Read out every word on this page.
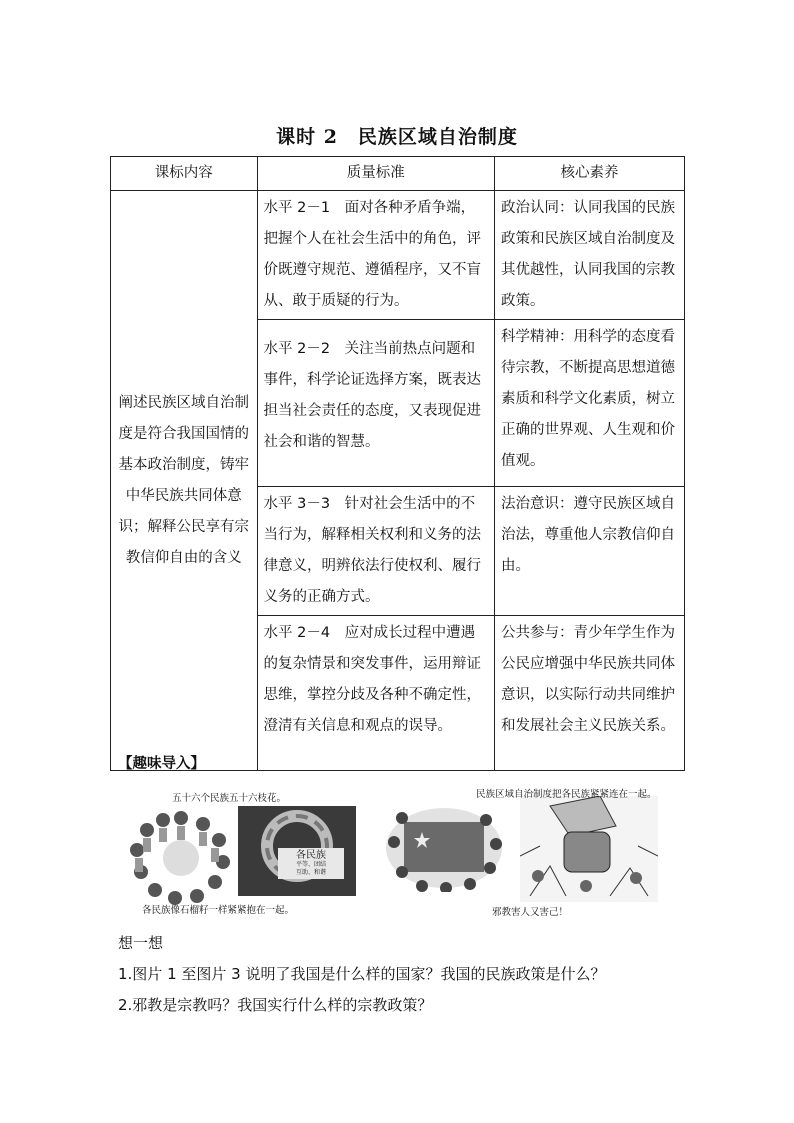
课时 2　民族区域自治制度
课标内容	质量标准	核心素养
阐述民族区域自治制度是符合我国国情的基本政治制度，铸牢中华民族共同体意识；解释公民享有宗教信仰自由的含义	水平 2－1　面对各种矛盾争端，把握个人在社会生活中的角色，评价既遵守规范、遵循程序，又不盲从、敢于质疑的行为。	政治认同：认同我国的民族政策和民族区域自治制度及其优越性，认同我国的宗教政策。
	水平 2－2　关注当前热点问题和事件，科学论证选择方案，既表达担当社会责任的态度，又表现促进社会和谐的智慧。	科学精神：用科学的态度看待宗教，不断提高思想道德素质和科学文化素质，树立正确的世界观、人生观和价值观。
	水平 3－3　针对社会生活中的不当行为，解释相关权利和义务的法律意义，明辨依法行使权利、履行义务的正确方式。	法治意识：遵守民族区域自治法，尊重他人宗教信仰自由。
	水平 2－4　应对成长过程中遭遇的复杂情景和突发事件，运用辩证思维，掌控分歧及各种不确定性，澄清有关信息和观点的误导。	公共参与：青少年学生作为公民应增强中华民族共同体意识，以实际行动共同维护和发展社会主义民族关系。
【趣味导入】
各民族
平等、团结
互助、和谐
五十六个民族五十六枝花。	民族区域自治制度把各民族紧紧连在一起。
各民族像石榴籽一样紧紧抱在一起。	邪教害人又害己！
想一想
1.图片 1 至图片 3 说明了我国是什么样的国家？我国的民族政策是什么？
2.邪教是宗教吗？我国实行什么样的宗教政策？
